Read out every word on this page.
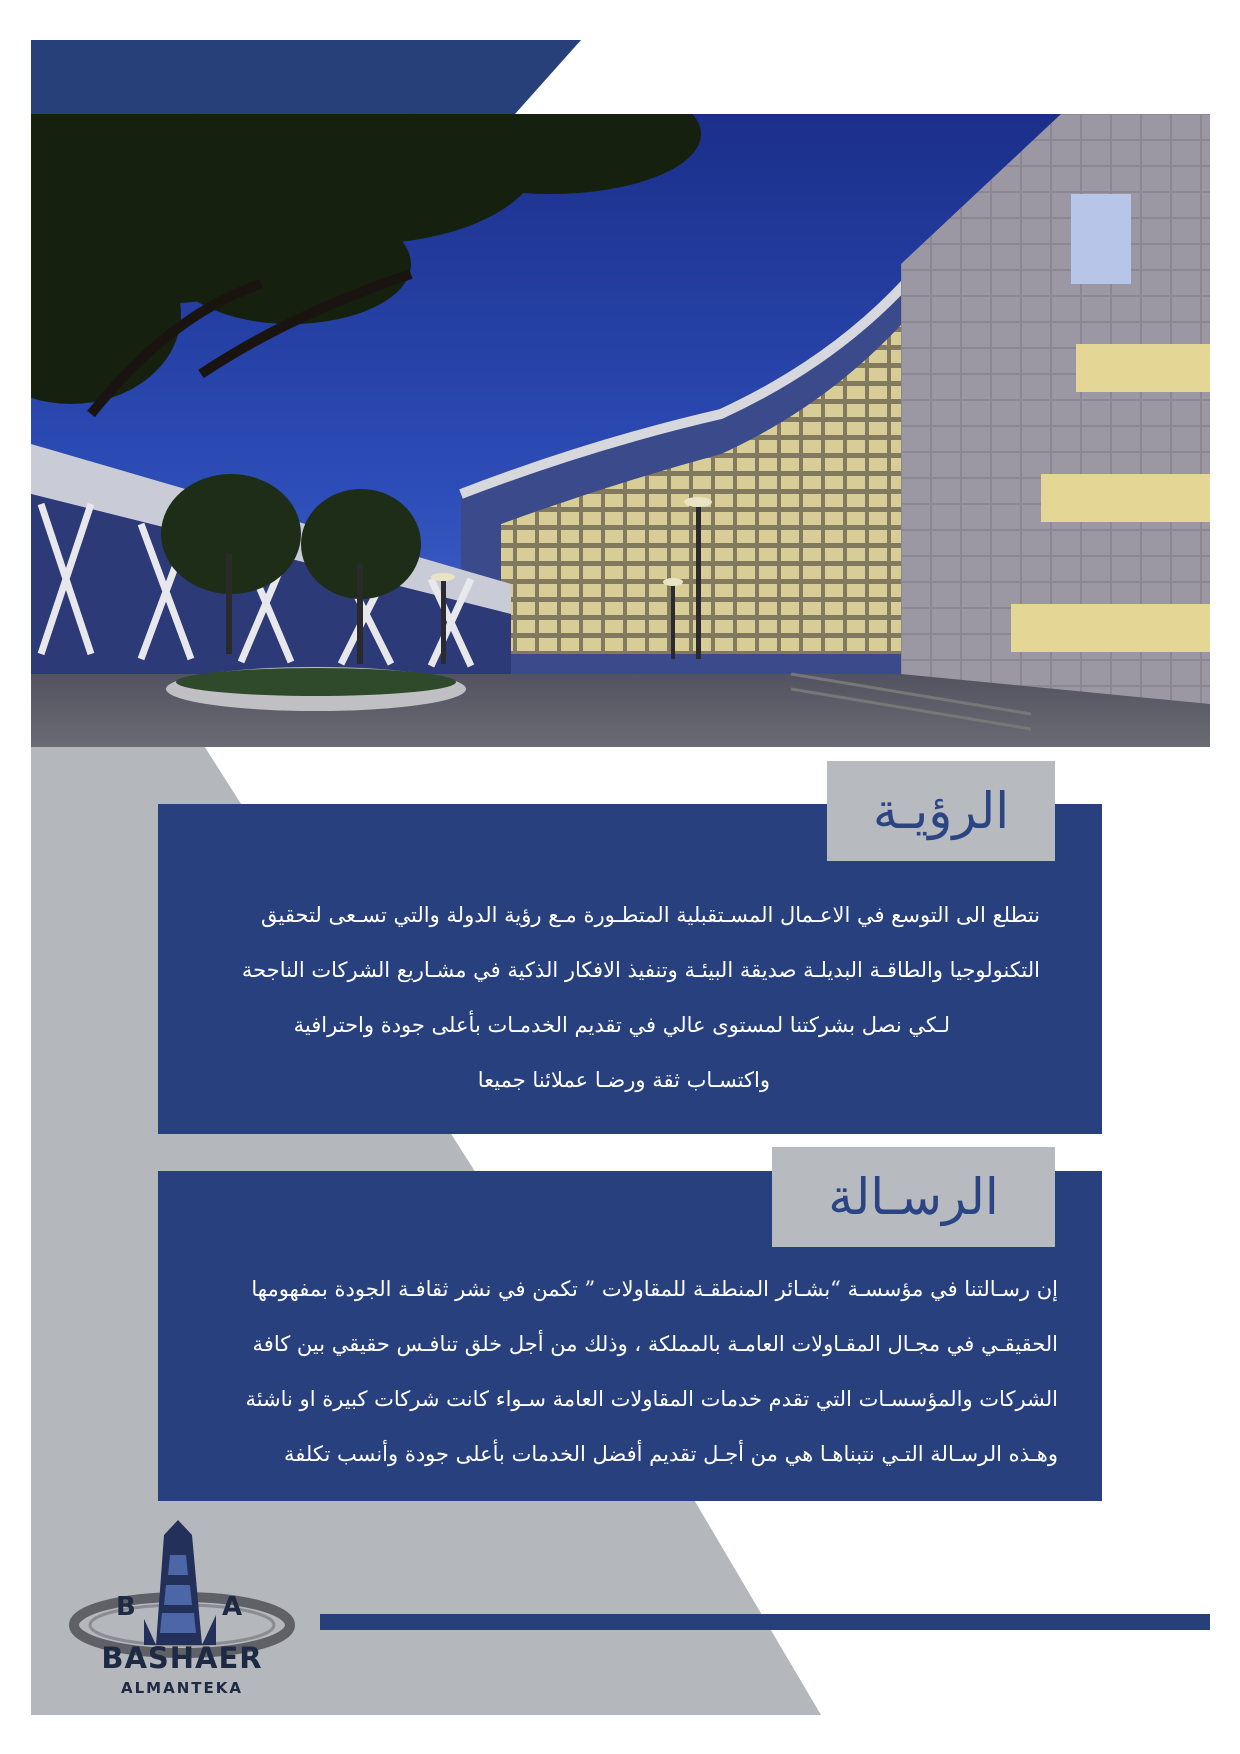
الرؤيـة
نتطلع الى التوسع في الاعـمال المسـتقبلية المتطـورة مـع رؤية الدولة والتي تسـعى لتحقيق
التكنولوجيا والطاقـة البديلـة صديقة البيئـة وتنفيذ الافكار الذكية في مشـاريع الشركات الناجحة
لـكي نصل بشركتنا لمستوى عالي في تقديم الخدمـات بأعلى جودة واحترافية
واكتسـاب ثقة ورضـا عملائنا جميعا
الرسـالة
إن رسـالتنا في مؤسسـة “بشـائر المنطقـة للمقاولات ” تكمن في نشر ثقافـة الجودة بمفهومها
الحقيقـي في مجـال المقـاولات العامـة بالمملكة ، وذلك من أجل خلق تنافـس حقيقي بين كافة
الشركات والمؤسسـات التي تقدم خدمات المقاولات العامة سـواء كانت شركات كبيرة او ناشئة
وهـذه الرسـالة التـي نتبناهـا هي من أجـل تقديم أفضل الخدمات بأعلى جودة وأنسب تكلفة
B	A
BASHAER
ALMANTEKA
